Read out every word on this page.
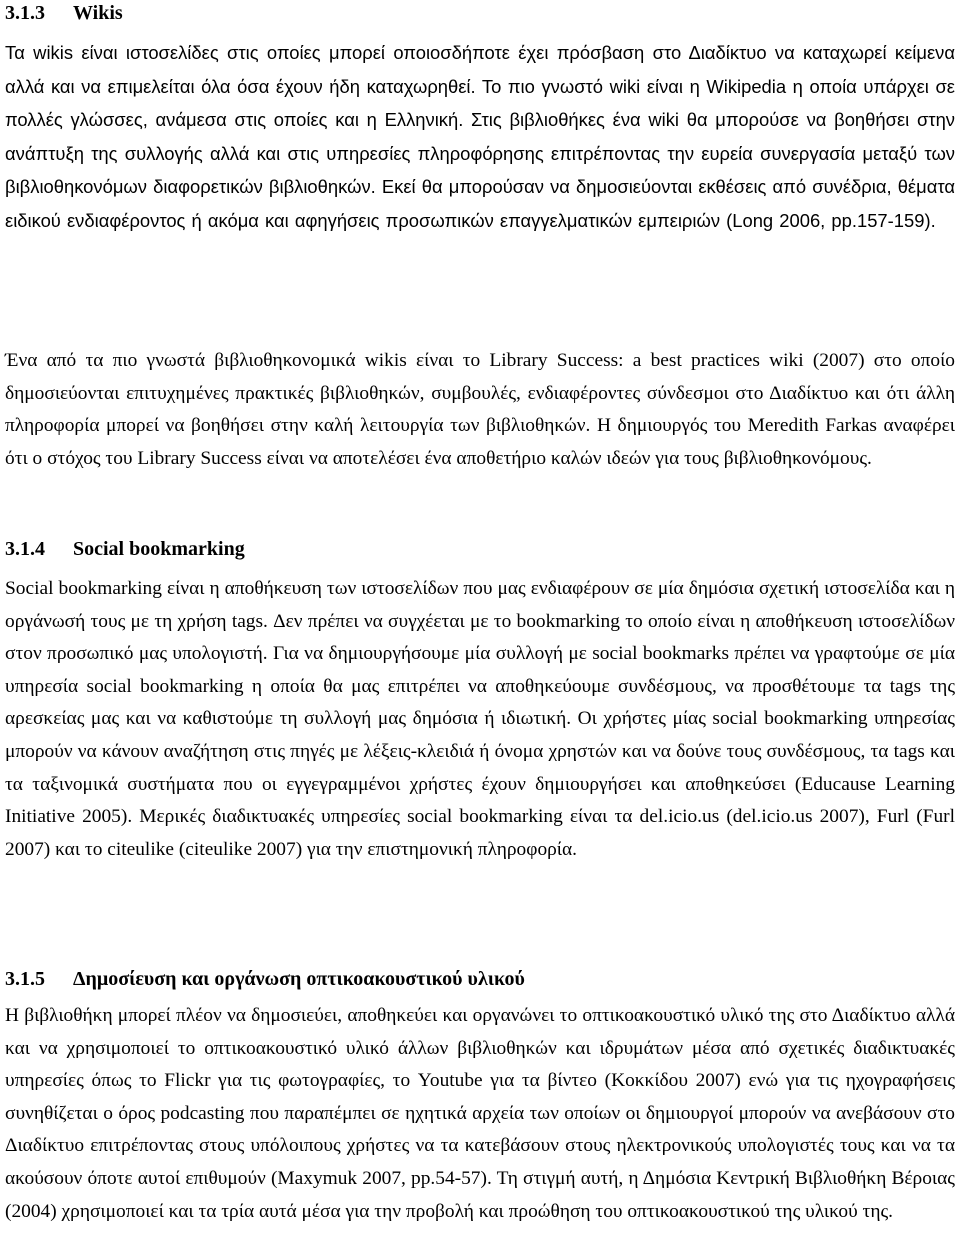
3.1.3 Wikis

Τα wikis είναι ιστοσελίδες στις οποίες μπορεί οποιοσδήποτε έχει πρόσβαση στο Διαδίκτυο να καταχωρεί κείμενα αλλά και να επιμελείται όλα όσα έχουν ήδη καταχωρηθεί. Το πιο γνωστό wiki είναι η Wikipedia η οποία υπάρχει σε πολλές γλώσσες, ανάμεσα στις οποίες και η Ελληνική. Στις βιβλιοθήκες ένα wiki θα μπορούσε να βοηθήσει στην ανάπτυξη της συλλογής αλλά και στις υπηρεσίες πληροφόρησης επιτρέποντας την ευρεία συνεργασία μεταξύ των βιβλιοθηκονόμων διαφορετικών βιβλιοθηκών. Εκεί θα μπορούσαν να δημοσιεύονται εκθέσεις από συνέδρια, θέματα ειδικού ενδιαφέροντος ή ακόμα και αφηγήσεις προσωπικών επαγγελματικών εμπειριών (Long 2006, pp.157-159).

Ένα από τα πιο γνωστά βιβλιοθηκονομικά wikis είναι το Library Success: a best practices wiki (2007) στο οποίο δημοσιεύονται επιτυχημένες πρακτικές βιβλιοθηκών, συμβουλές, ενδιαφέροντες σύνδεσμοι στο Διαδίκτυο και ότι άλλη πληροφορία μπορεί να βοηθήσει στην καλή λειτουργία των βιβλιοθηκών. Η δημιουργός του Meredith Farkas αναφέρει ότι ο στόχος του Library Success είναι να αποτελέσει ένα αποθετήριο καλών ιδεών για τους βιβλιοθηκονόμους.

3.1.4 Social bookmarking

Social bookmarking είναι η αποθήκευση των ιστοσελίδων που μας ενδιαφέρουν σε μία δημόσια σχετική ιστοσελίδα και η οργάνωσή τους με τη χρήση tags. Δεν πρέπει να συγχέεται με το bookmarking το οποίο είναι η αποθήκευση ιστοσελίδων στον προσωπικό μας υπολογιστή. Για να δημιουργήσουμε μία συλλογή με social bookmarks πρέπει να γραφτούμε σε μία υπηρεσία social bookmarking η οποία θα μας επιτρέπει να αποθηκεύουμε συνδέσμους, να προσθέτουμε τα tags της αρεσκείας μας και να καθιστούμε τη συλλογή μας δημόσια ή ιδιωτική. Οι χρήστες μίας social bookmarking υπηρεσίας μπορούν να κάνουν αναζήτηση στις πηγές με λέξεις-κλειδιά ή όνομα χρηστών και να δούνε τους συνδέσμους, τα tags και τα ταξινομικά συστήματα που οι εγγεγραμμένοι χρήστες έχουν δημιουργήσει και αποθηκεύσει (Educause Learning Initiative 2005). Μερικές διαδικτυακές υπηρεσίες social bookmarking είναι τα del.icio.us (del.icio.us 2007), Furl (Furl 2007) και το citeulike (citeulike 2007) για την επιστημονική πληροφορία.

3.1.5 Δημοσίευση και οργάνωση οπτικοακουστικού υλικού

Η βιβλιοθήκη μπορεί πλέον να δημοσιεύει, αποθηκεύει και οργανώνει το οπτικοακουστικό υλικό της στο Διαδίκτυο αλλά και να χρησιμοποιεί το οπτικοακουστικό υλικό άλλων βιβλιοθηκών και ιδρυμάτων μέσα από σχετικές διαδικτυακές υπηρεσίες όπως το Flickr για τις φωτογραφίες, το Youtube για τα βίντεο (Κοκκίδου 2007) ενώ για τις ηχογραφήσεις συνηθίζεται ο όρος podcasting που παραπέμπει σε ηχητικά αρχεία των οποίων οι δημιουργοί μπορούν να ανεβάσουν στο Διαδίκτυο επιτρέποντας στους υπόλοιπους χρήστες να τα κατεβάσουν στους ηλεκτρονικούς υπολογιστές τους και να τα ακούσουν όποτε αυτοί επιθυμούν (Maxymuk 2007, pp.54-57). Τη στιγμή αυτή, η Δημόσια Κεντρική Βιβλιοθήκη Βέροιας (2004) χρησιμοποιεί και τα τρία αυτά μέσα για την προβολή και προώθηση του οπτικοακουστικού της υλικού της.
